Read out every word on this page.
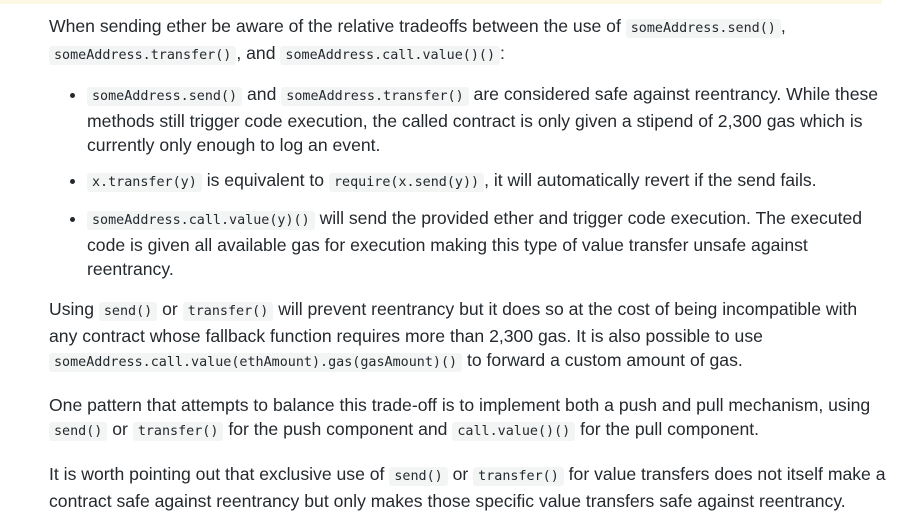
When sending ether be aware of the relative tradeoffs between the use of someAddress.send() , someAddress.transfer() , and someAddress.call.value()() :

• someAddress.send() and someAddress.transfer() are considered safe against reentrancy. While these methods still trigger code execution, the called contract is only given a stipend of 2,300 gas which is currently only enough to log an event.
• x.transfer(y) is equivalent to require(x.send(y)) , it will automatically revert if the send fails.
• someAddress.call.value(y)() will send the provided ether and trigger code execution. The executed code is given all available gas for execution making this type of value transfer unsafe against reentrancy.

Using send() or transfer() will prevent reentrancy but it does so at the cost of being incompatible with any contract whose fallback function requires more than 2,300 gas. It is also possible to use someAddress.call.value(ethAmount).gas(gasAmount)() to forward a custom amount of gas.

One pattern that attempts to balance this trade-off is to implement both a push and pull mechanism, using send() or transfer() for the push component and call.value()() for the pull component.

It is worth pointing out that exclusive use of send() or transfer() for value transfers does not itself make a contract safe against reentrancy but only makes those specific value transfers safe against reentrancy.
